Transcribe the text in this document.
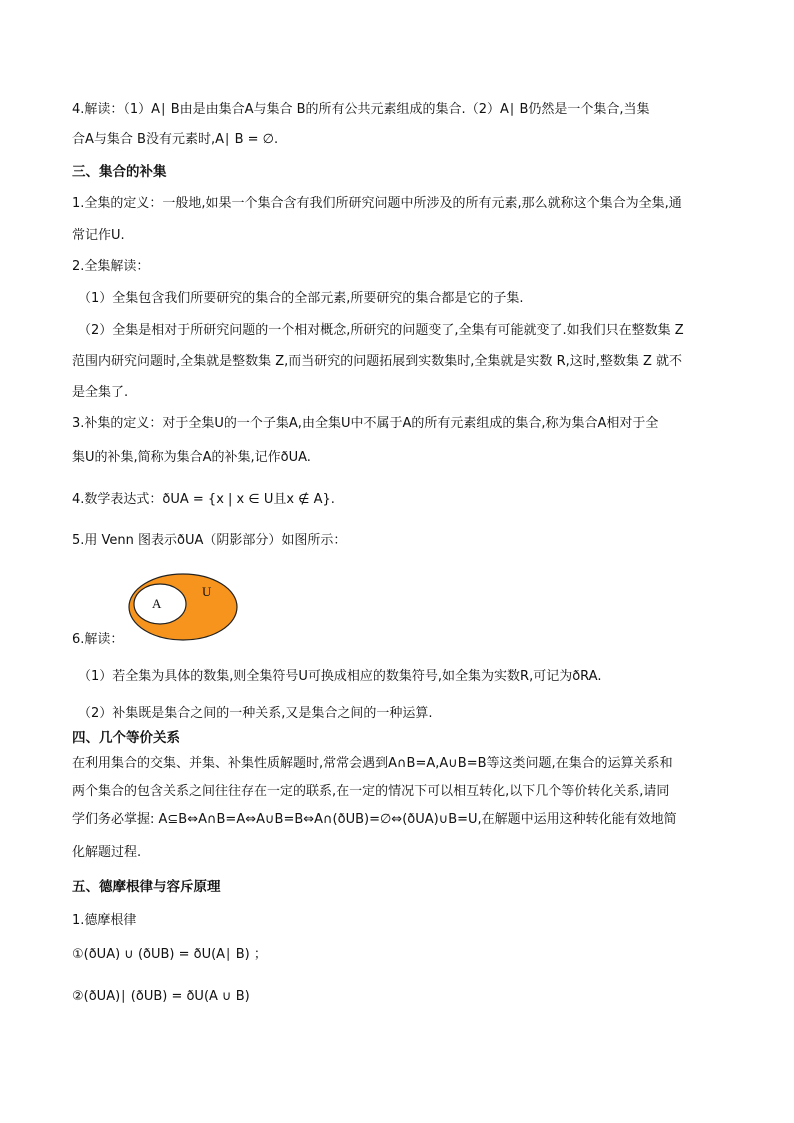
4.解读：（1）A∣ B由是由集合A与集合 B的所有公共元素组成的集合.（2）A∣ B仍然是一个集合,当集
合A与集合 B没有元素时,A∣ B = ∅.
三、集合的补集
1.全集的定义：一般地,如果一个集合含有我们所研究问题中所涉及的所有元素,那么就称这个集合为全集,通
常记作U.
2.全集解读：
（1）全集包含我们所要研究的集合的全部元素,所要研究的集合都是它的子集.
（2）全集是相对于所研究问题的一个相对概念,所研究的问题变了,全集有可能就变了.如我们只在整数集 Z
范围内研究问题时,全集就是整数集 Z,而当研究的问题拓展到实数集时,全集就是实数 R,这时,整数集 Z 就不
是全集了.
3.补集的定义：对于全集U的一个子集A,由全集U中不属于A的所有元素组成的集合,称为集合A相对于全
集U的补集,简称为集合A的补集,记作ðUA.
4.数学表达式：ðUA = {x | x ∈ U且x ∉ A}.
5.用 Venn 图表示ðUA（阴影部分）如图所示：
A
U
6.解读：
（1）若全集为具体的数集,则全集符号U可换成相应的数集符号,如全集为实数R,可记为ðRA.
（2）补集既是集合之间的一种关系,又是集合之间的一种运算.
四、几个等价关系
在利用集合的交集、并集、补集性质解题时,常常会遇到A∩B=A,A∪B=B等这类问题,在集合的运算关系和
两个集合的包含关系之间往往存在一定的联系,在一定的情况下可以相互转化,以下几个等价转化关系,请同
学们务必掌握: A⊆B⇔A∩B=A⇔A∪B=B⇔A∩(ðUB)=∅⇔(ðUA)∪B=U,在解题中运用这种转化能有效地简
化解题过程.
五、德摩根律与容斥原理
1.德摩根律
①(ðUA) ∪ (ðUB) = ðU(A∣ B) ；
②(ðUA)∣ (ðUB) = ðU(A ∪ B)
